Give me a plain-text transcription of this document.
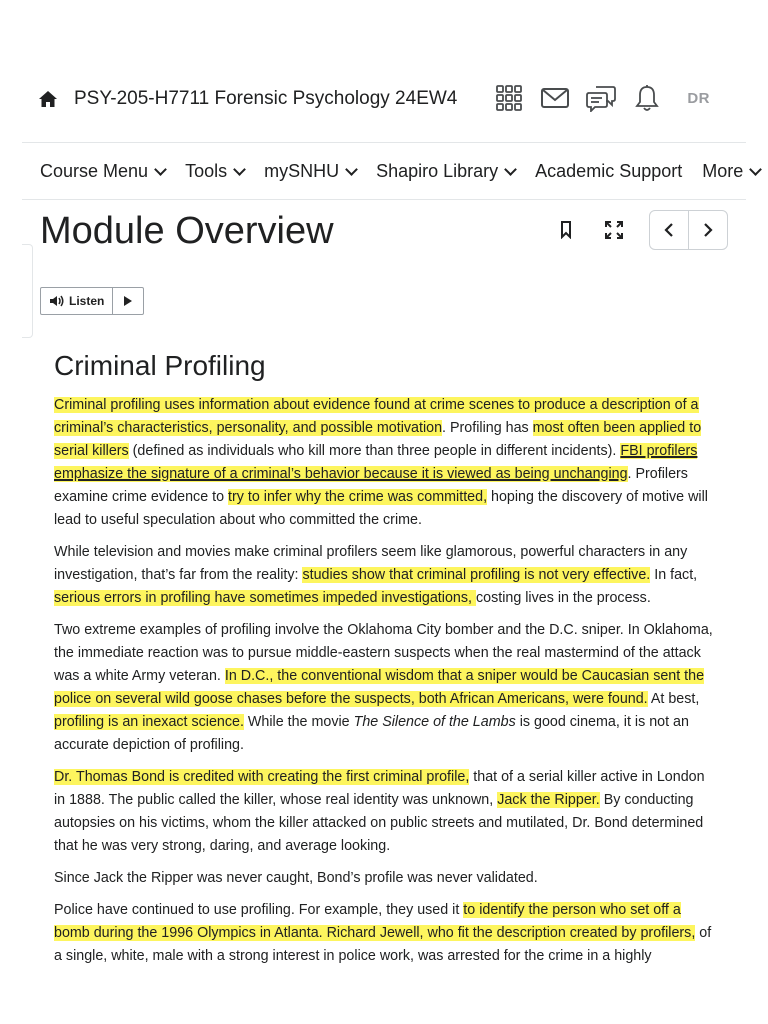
PSY-205-H7711 Forensic Psychology 24EW4	DR
Course Menu Tools mySNHU Shapiro Library Academic Support More
Module Overview
Listen
Criminal Profiling

Criminal profiling uses information about evidence found at crime scenes to produce a description of a criminal’s characteristics, personality, and possible motivation. Profiling has most often been applied to serial killers (defined as individuals who kill more than three people in different incidents). FBI profilers emphasize the signature of a criminal’s behavior because it is viewed as being unchanging. Profilers examine crime evidence to try to infer why the crime was committed, hoping the discovery of motive will lead to useful speculation about who committed the crime.

While television and movies make criminal profilers seem like glamorous, powerful characters in any investigation, that’s far from the reality: studies show that criminal profiling is not very effective. In fact, serious errors in profiling have sometimes impeded investigations, costing lives in the process.

Two extreme examples of profiling involve the Oklahoma City bomber and the D.C. sniper. In Oklahoma, the immediate reaction was to pursue middle-eastern suspects when the real mastermind of the attack was a white Army veteran. In D.C., the conventional wisdom that a sniper would be Caucasian sent the police on several wild goose chases before the suspects, both African Americans, were found. At best, profiling is an inexact science. While the movie The Silence of the Lambs is good cinema, it is not an accurate depiction of profiling.

Dr. Thomas Bond is credited with creating the first criminal profile, that of a serial killer active in London in 1888. The public called the killer, whose real identity was unknown, Jack the Ripper. By conducting autopsies on his victims, whom the killer attacked on public streets and mutilated, Dr. Bond determined that he was very strong, daring, and average looking.

Since Jack the Ripper was never caught, Bond’s profile was never validated.

Police have continued to use profiling. For example, they used it to identify the person who set off a bomb during the 1996 Olympics in Atlanta. Richard Jewell, who fit the description created by profilers, of a single, white, male with a strong interest in police work, was arrested for the crime in a highly
